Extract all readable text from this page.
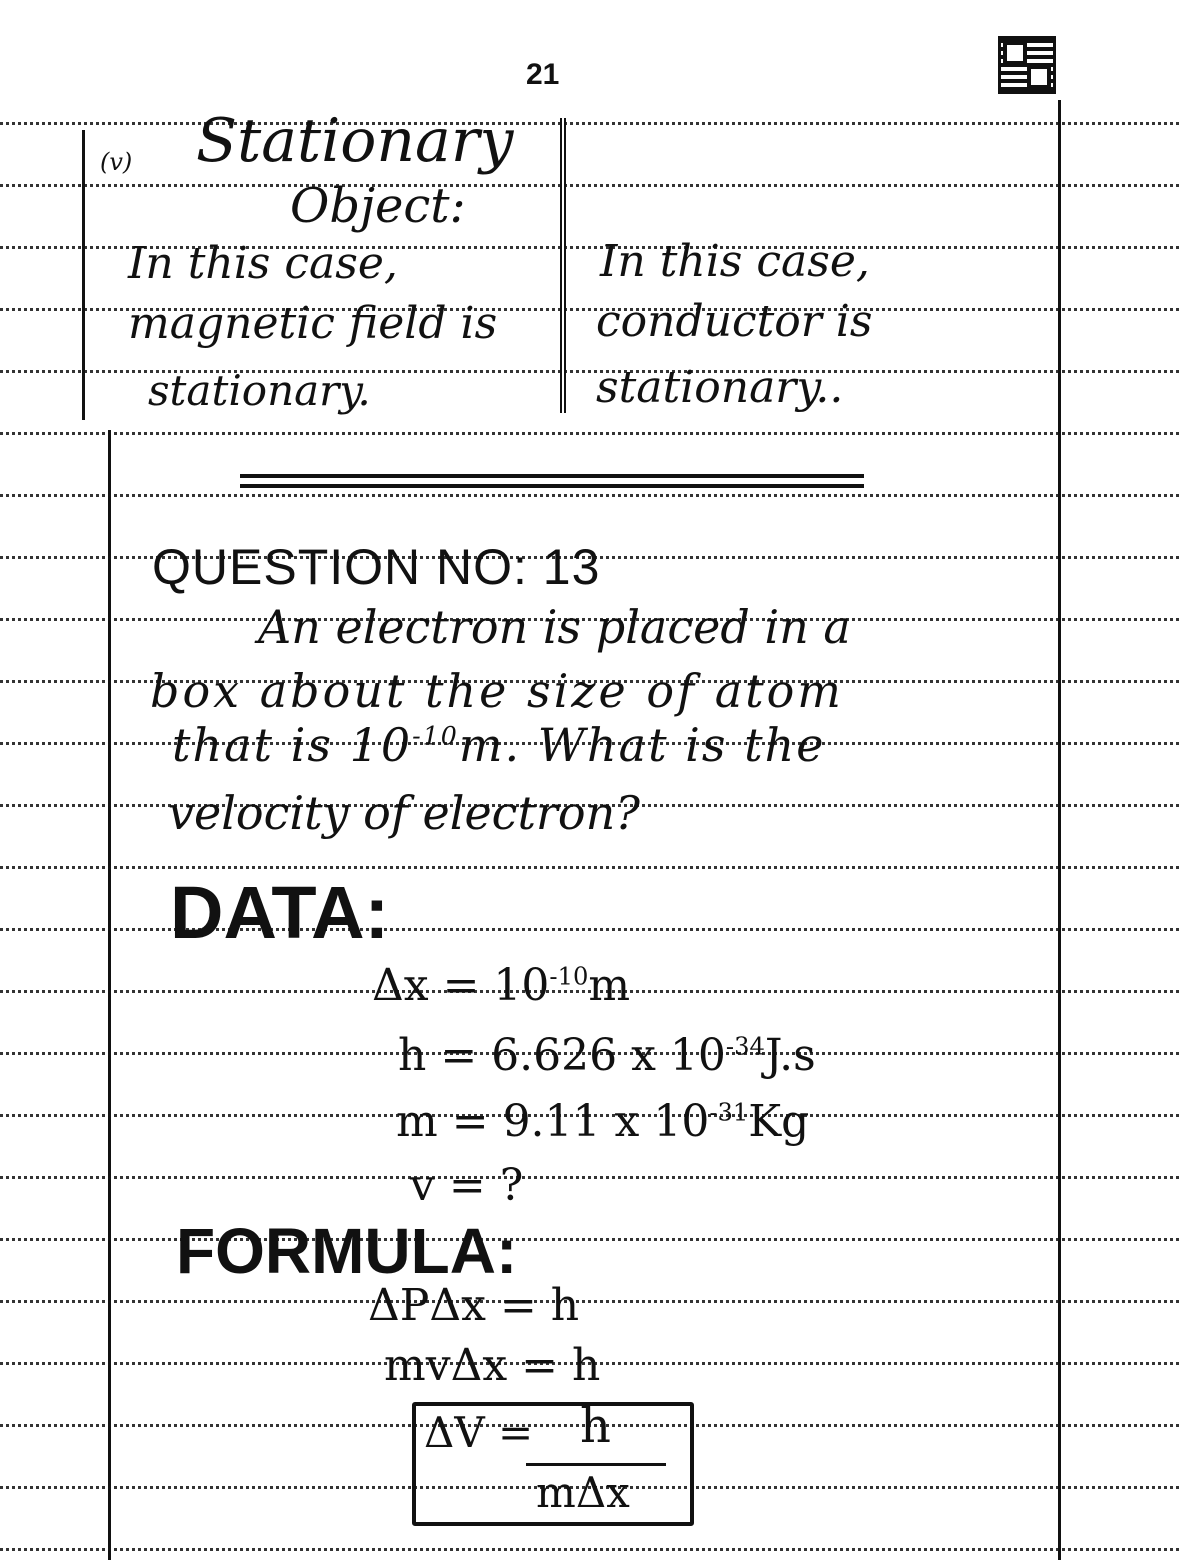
21
(v) Stationary
Object:
In this case,
magnetic field is
stationary.
In this case,
conductor is
stationary..
QUESTION NO: 13
An electron is placed in a
box about the size of atom
that is $10^{-10}m$. What is the
velocity of electron?
DATA:
$\Delta x = 10^{-10}m$
h = 6.626 x $10^{-34}J.s$
m = 9.11 x $10^{-31}Kg$
v = ?
FORMULA:
ΔPΔx = h
mvΔx = h
ΔV = h
mΔx
